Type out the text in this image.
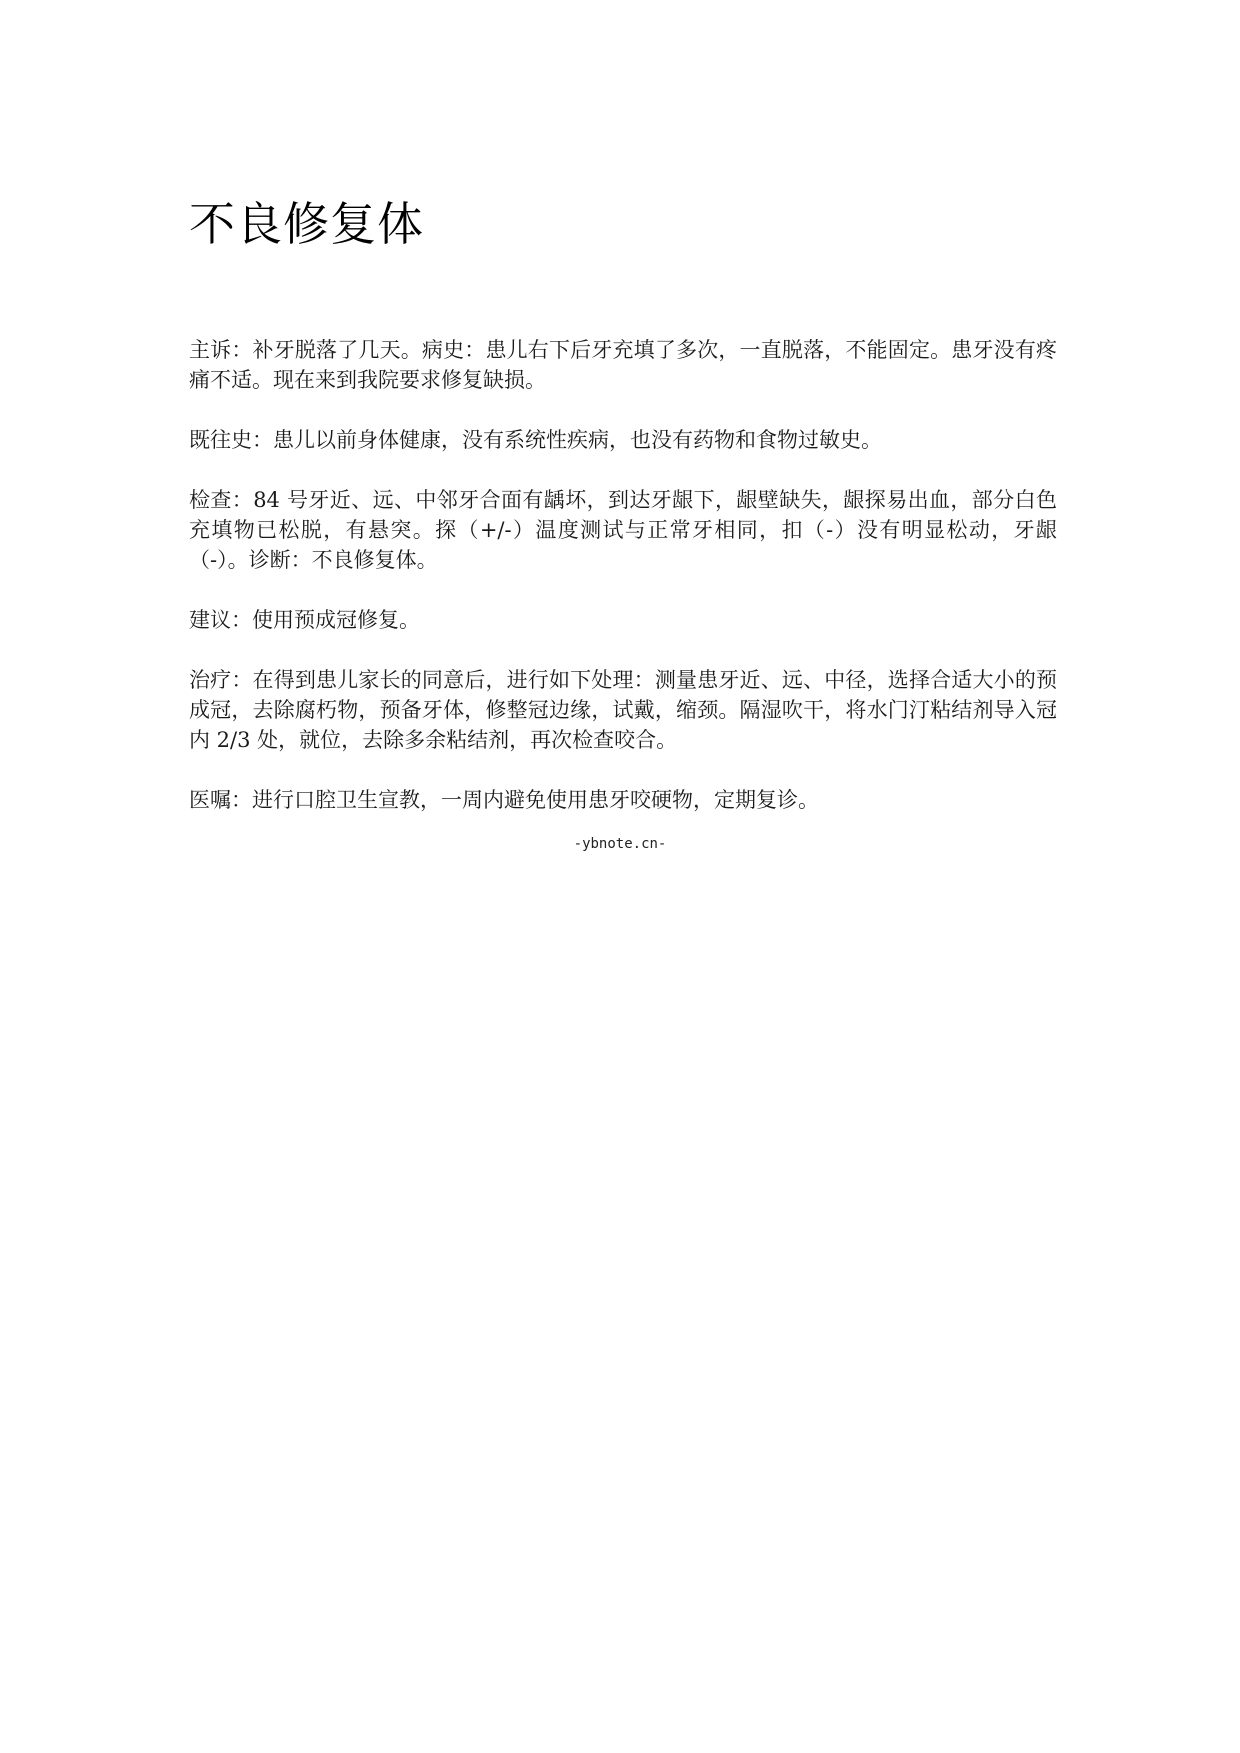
不良修复体

主诉：补牙脱落了几天。病史：患儿右下后牙充填了多次，一直脱落，不能固定。患牙没有疼痛不适。现在来到我院要求修复缺损。

既往史：患儿以前身体健康，没有系统性疾病，也没有药物和食物过敏史。

检查：84 号牙近、远、中邻牙合面有龋坏，到达牙龈下，龈壁缺失，龈探易出血，部分白色充填物已松脱，有悬突。探（+/-）温度测试与正常牙相同，扣（-）没有明显松动，牙龈（-）。诊断：不良修复体。

建议：使用预成冠修复。

治疗：在得到患儿家长的同意后，进行如下处理：测量患牙近、远、中径，选择合适大小的预成冠，去除腐朽物，预备牙体，修整冠边缘，试戴，缩颈。隔湿吹干，将水门汀粘结剂导入冠内 2/3 处，就位，去除多余粘结剂，再次检查咬合。

医嘱：进行口腔卫生宣教，一周内避免使用患牙咬硬物，定期复诊。

-ybnote.cn-
